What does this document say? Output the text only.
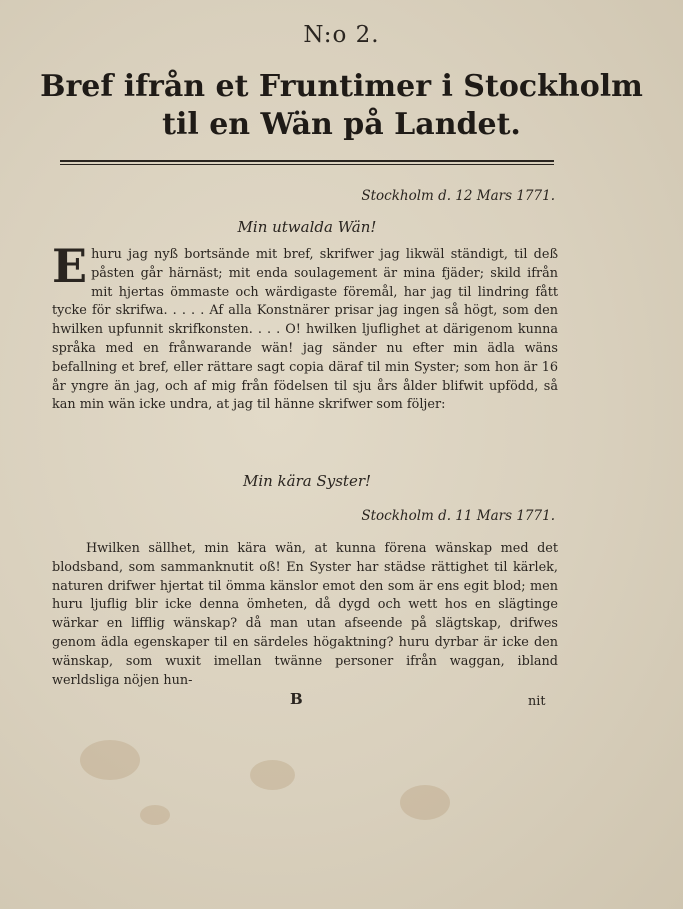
N:o 2.
Bref ifrån et Fruntimer i Stockholm
til en Wän på Landet.
Stockholm d. 12 Mars 1771.
Min utwalda Wän!
Ehuru jag nyß bortsände mit bref, skrifwer jag likwäl ständigt, til deß påsten går härnäst; mit enda soulagement är mina fjäder; skild ifrån mit hjertas ömmaste och wärdigaste föremål, har jag til lindring fått tycke för skrifwa. . . . . Af alla Konstnärer prisar jag ingen så högt, som den hwilken upfunnit skrifkonsten. . . . O! hwilken ljuflighet at därigenom kunna språka med en frånwarande wän! jag sänder nu efter min ädla wäns befallning et bref, eller rättare sagt copia däraf til min Syster; som hon är 16 år yngre än jag, och af mig från födelsen til sju års ålder blifwit upfödd, så kan min wän icke undra, at jag til hänne skrifwer som följer:
Min kära Syster!
Stockholm d. 11 Mars 1771.
Hwilken sällhet, min kära wän, at kunna förena wänskap med det blodsband, som sammanknutit oß! En Syster har städse rättighet til kärlek, naturen drifwer hjertat til ömma känslor emot den som är ens egit blod; men huru ljuflig blir icke denna ömheten, då dygd och wett hos en slägtinge wärkar en lifflig wänskap? då man utan afseende på slägtskap, drifwes genom ädla egenskaper til en särdeles högaktning? huru dyrbar är icke den wänskap, som wuxit imellan twänne personer ifrån waggan, ibland werldsliga nöjen hun-
B	nit
